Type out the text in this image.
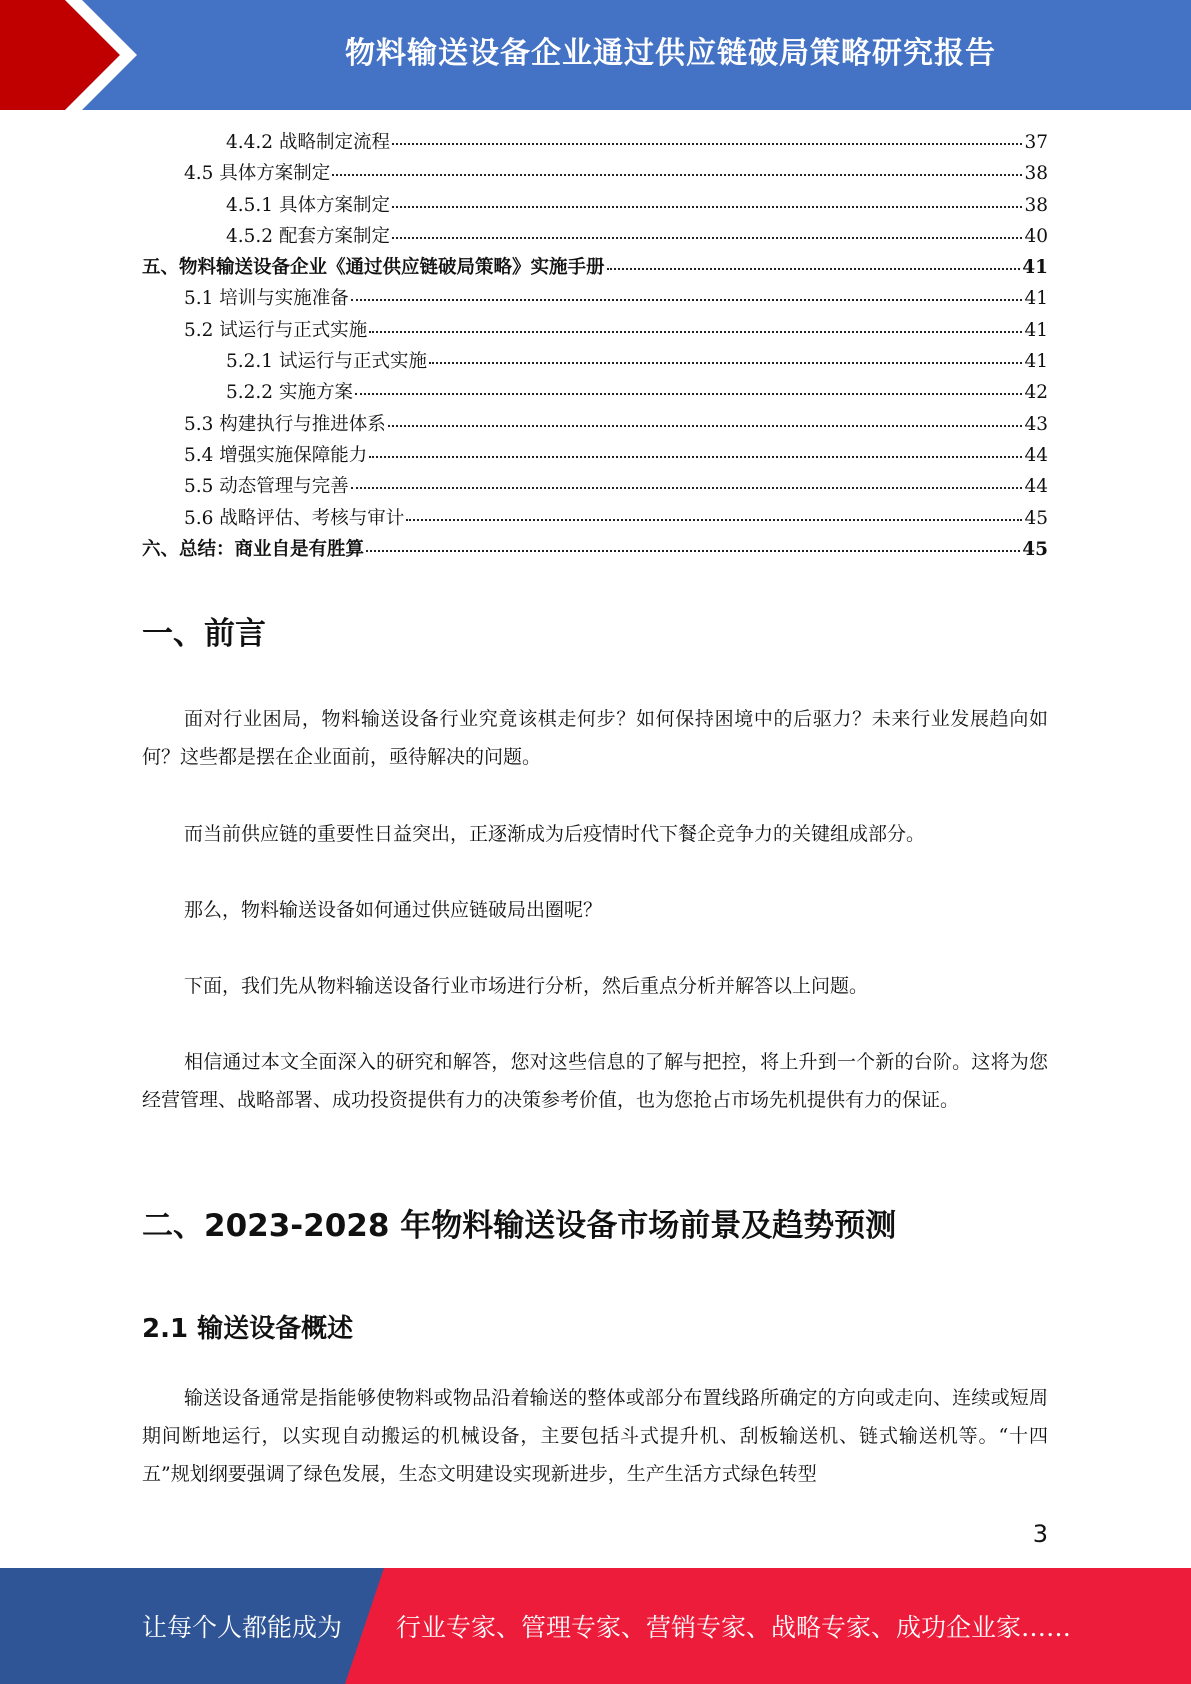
物料输送设备企业通过供应链破局策略研究报告
4.4.2 战略制定流程	37
4.5 具体方案制定	38
4.5.1 具体方案制定	38
4.5.2 配套方案制定	40
五、物料输送设备企业《通过供应链破局策略》实施手册	41
5.1 培训与实施准备	41
5.2 试运行与正式实施	41
5.2.1 试运行与正式实施	41
5.2.2 实施方案	42
5.3 构建执行与推进体系	43
5.4 增强实施保障能力	44
5.5 动态管理与完善	44
5.6 战略评估、考核与审计	45
六、总结：商业自是有胜算	45
一、前言

面对行业困局，物料输送设备行业究竟该棋走何步？如何保持困境中的后驱力？未来行业发展趋向如何？这些都是摆在企业面前，亟待解决的问题。

而当前供应链的重要性日益突出，正逐渐成为后疫情时代下餐企竞争力的关键组成部分。

那么，物料输送设备如何通过供应链破局出圈呢？

下面，我们先从物料输送设备行业市场进行分析，然后重点分析并解答以上问题。

相信通过本文全面深入的研究和解答，您对这些信息的了解与把控，将上升到一个新的台阶。这将为您经营管理、战略部署、成功投资提供有力的决策参考价值，也为您抢占市场先机提供有力的保证。

二、2023-2028 年物料输送设备市场前景及趋势预测
2.1 输送设备概述

输送设备通常是指能够使物料或物品沿着输送的整体或部分布置线路所确定的方向或走向、连续或短周期间断地运行，以实现自动搬运的机械设备，主要包括斗式提升机、刮板输送机、链式输送机等。“十四五”规划纲要强调了绿色发展，生态文明建设实现新进步，生产生活方式绿色转型

3
让每个人都能成为 行业专家、管理专家、营销专家、战略专家、成功企业家……
